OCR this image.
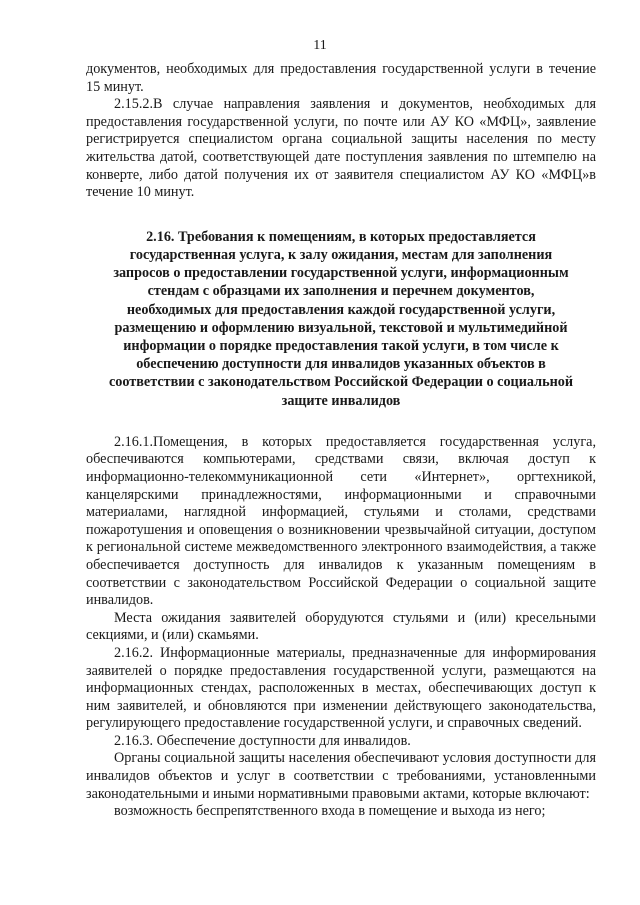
11

документов, необходимых для предоставления государственной услуги в течение 15 минут.

2.15.2.В случае направления заявления и документов, необходимых для предоставления государственной услуги, по почте или АУ КО «МФЦ», заявление регистрируется специалистом органа социальной защиты населения по месту жительства датой, соответствующей дате поступления заявления по штемпелю на конверте, либо датой получения их от заявителя специалистом АУ КО «МФЦ»в течение 10 минут.

2.16. Требования к помещениям, в которых предоставляется
государственная услуга, к залу ожидания, местам для заполнения
запросов о предоставлении государственной услуги, информационным
стендам с образцами их заполнения и перечнем документов,
необходимых для предоставления каждой государственной услуги,
размещению и оформлению визуальной, текстовой и мультимедийной
информации о порядке предоставления такой услуги, в том числе к
обеспечению доступности для инвалидов указанных объектов в
соответствии с законодательством Российской Федерации о социальной
защите инвалидов

2.16.1.Помещения, в которых предоставляется государственная услуга, обеспечиваются компьютерами, средствами связи, включая доступ к информационно-телекоммуникационной сети «Интернет», оргтехникой, канцелярскими принадлежностями, информационными и справочными материалами, наглядной информацией, стульями и столами, средствами пожаротушения и оповещения о возникновении чрезвычайной ситуации, доступом к региональной системе межведомственного электронного взаимодействия, а также обеспечивается доступность для инвалидов к указанным помещениям в соответствии с законодательством Российской Федерации о социальной защите инвалидов.

Места ожидания заявителей оборудуются стульями и (или) кресельными секциями, и (или) скамьями.

2.16.2. Информационные материалы, предназначенные для информирования заявителей о порядке предоставления государственной услуги, размещаются на информационных стендах, расположенных в местах, обеспечивающих доступ к ним заявителей, и обновляются при изменении действующего законодательства, регулирующего предоставление государственной услуги, и справочных сведений.

2.16.3. Обеспечение доступности для инвалидов.

Органы социальной защиты населения обеспечивают условия доступности для инвалидов объектов и услуг в соответствии с требованиями, установленными законодательными и иными нормативными правовыми актами, которые включают:

возможность беспрепятственного входа в помещение и выхода из него;
